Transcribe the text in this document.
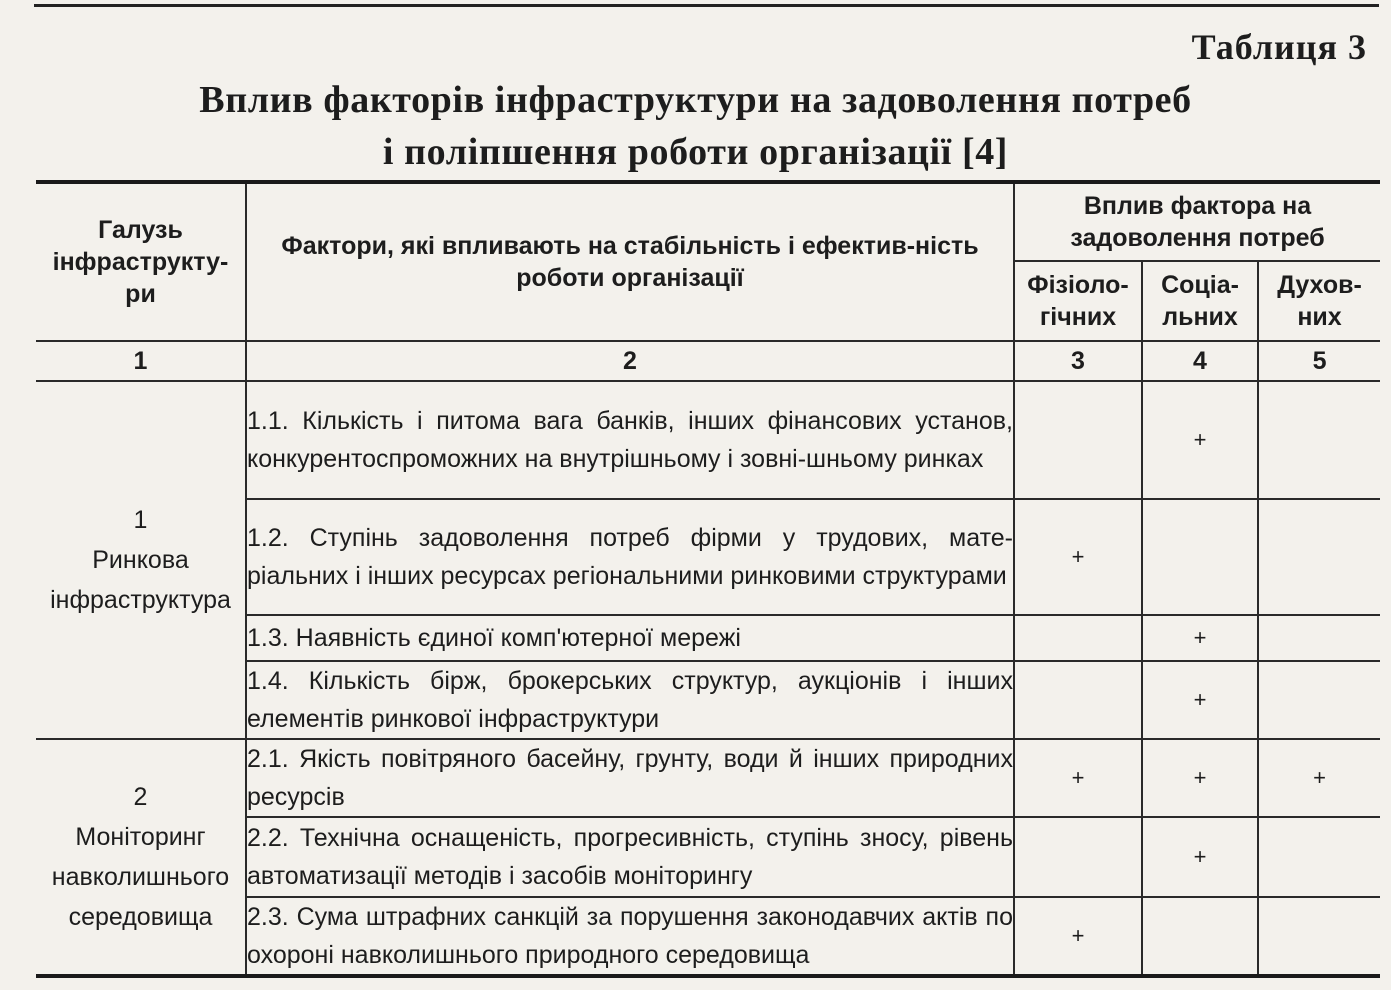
Таблиця 3
Вплив факторів інфраструктури на задоволення потреб
і поліпшення роботи організації [4]
Галузь інфраструкту-ри	Фактори, які впливають на стабільність і ефектив-ність роботи організації	Вплив фактора на задоволення потреб		
		Фізіоло-гічних	Соціа-льних	Духов-них
1	2	3	4	5

1
Ринкова інфраструктура	1.1. Кількість і питома вага банків, інших фінансових установ, конкурентоспроможних на внутрішньому і зовні-шньому ринках		+	
	1.2. Ступінь задоволення потреб фірми у трудових, мате-ріальних і інших ресурсах регіональними ринковими структурами	+		
	1.3. Наявність єдиної комп'ютерної мережі		+	
	1.4. Кількість бірж, брокерських структур, аукціонів і інших елементів ринкової інфраструктури		+	

2
Моніторинг навколишнього середовища	2.1. Якість повітряного басейну, грунту, води й інших природних ресурсів	+	+	+
	2.2. Технічна оснащеність, прогресивність, ступінь зносу, рівень автоматизації методів і засобів моніторингу		+	
	2.3. Сума штрафних санкцій за порушення законодавчих актів по охороні навколишнього природного середовища	+		
